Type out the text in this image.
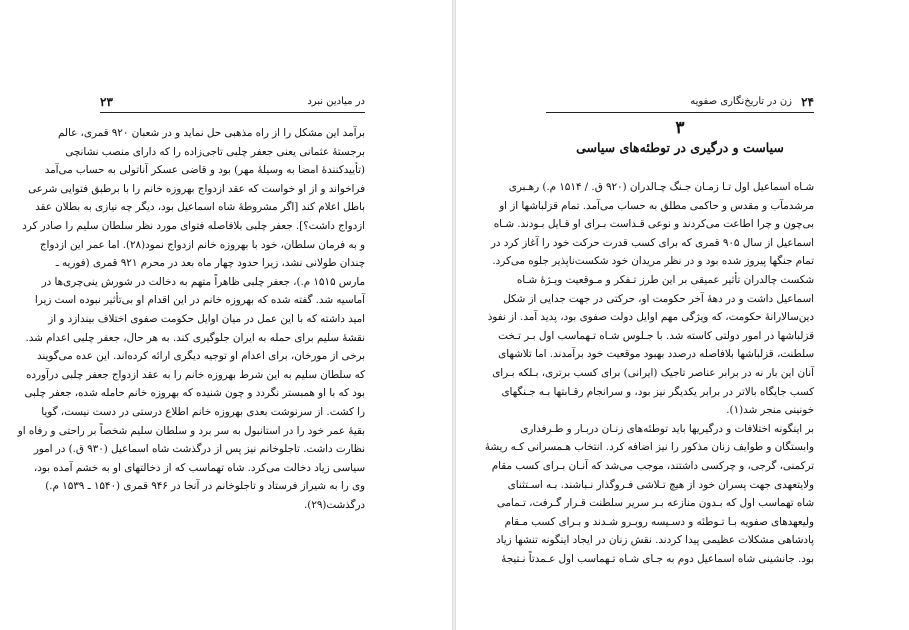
در میادین نبرد
۲۳
برآمد این مشکل را از راه مذهبی حل نماید و در شعبان ۹۲۰ قمری، عالم
برجستهٔ عثمانی یعنی جعفر چلبی تاجی‌زاده را که دارای منصب نشانچی
(تأییدکنندهٔ امضا به وسیلهٔ مهر) بود و قاضی عسکر آناتولی به حساب می‌آمد
فراخواند و از او خواست که عقد ازدواج بهروزه خانم را با برطبق فتوایی شرعی
باطل اعلام کند [اگر مشروطهٔ شاه اسماعیل بود، دیگر چه نیازی به بطلان عقد
ازدواج داشت؟]. جعفر چلبی بلافاصله فتوای مورد نظر سلطان سلیم را صادر کرد
و به فرمان سلطان، خود با بهروزه خانم ازدواج نمود(۲۸). اما عمر این ازدواج
چندان طولانی نشد، زیرا حدود چهار ماه بعد در محرم ۹۲۱ قمری (فوریه ـ
مارس ۱۵۱۵ م.)، جعفر چلبی ظاهراً متهم به دخالت در شورش ینی‌چری‌ها در
آماسیه شد. گفته شده که بهروزه خانم در این اقدام او بی‌تأثیر نبوده است زیرا
امید داشته که با این عمل در میان اوایل حکومت صفوی اختلاف بیندازد و از
نقشهٔ سلیم برای حمله به ایران جلوگیری کند. به هر حال، جعفر چلبی اعدام شد.
برخی از مورخان، برای اعدام او توجیه دیگری ارائه کرده‌اند. این عده می‌گویند
که سلطان سلیم به این شرط بهروزه خانم را به عقد ازدواج جعفر چلبی درآورده
بود که با او همبستر نگردد و چون شنیده که بهروزه خانم حامله شده، جعفر چلبی
را کشت. از سرنوشت بعدی بهروزه خانم اطلاع درستی در دست نیست، گویا
بقیهٔ عمر خود را در استانبول به سر برد و سلطان سلیم شخصاً بر راحتی و رفاه او
نظارت داشت. تاجلوخانم نیز پس از درگذشت شاه اسماعیل (۹۳۰ ق.) در امور
سیاسی زیاد دخالت می‌کرد. شاه تهماسب که از دخالتهای او به خشم آمده بود،
وی را به شیراز فرستاد و تاجلوخانم در آنجا در ۹۴۶ قمری (۱۵۴۰ ـ ۱۵۳۹ م.)
درگذشت(۲۹).
۲۴
زن در تاریخ‌نگاری صفویه
۳
سیاست و درگیری در توطئه‌های سیاسی
شـاه اسماعیل اول تـا زمـان جـنگ چـالدران (۹۲۰ ق. / ۱۵۱۴ م.) رهـبری
مرشدمآب و مقدس و حاکمی مطلق به حساب می‌آمد. تمام قزلباشها از او
بی‌چون و چرا اطاعت می‌کردند و نوعی قـداست بـرای او قـایل بـودند. شـاه
اسماعیل از سال ۹۰۵ قمری که برای کسب قدرت حرکت خود را آغاز کرد در
تمام جنگها پیروز شده بود و در نظر مریدان خود شکست‌ناپذیر جلوه می‌کرد.
شکست چالدران تأثیر عمیقی بر این طرز تـفکر و مـوقعیت ویـژهٔ شـاه
اسماعیل داشت و در دههٔ آخر حکومت او، حرکتی در جهت جدایی از شکل
دین‌سالارانهٔ حکومت، که ویژگی مهم اوایل دولت صفوی بود، پدید آمد. از نفوذ
قزلباشها در امور دولتی کاسته شد. با جـلوس شـاه تـهماسب اول بـر تـخت
سلطنت، قزلباشها بلافاصله درصدد بهبود موقعیت خود برآمدند. اما تلاشهای
آنان این بار نه در برابر عناصر تاجیک (ایرانی) برای کسب برتری، بـلکه بـرای
کسب جایگاه بالاتر در برابر یکدیگر نیز بود، و سرانجام رقـابتها بـه جـنگهای
خونینی منجر شد(۱).
بر اینگونه اختلافات و درگیریها باید توطئه‌های زنـان دربـار و طـرفداری
وابستگان و طوایف زنان مذکور را نیز اضافه کرد. انتخاب هـمسرانی کـه ریشهٔ
ترکمنی، گرجی، و چرکسی داشتند، موجب می‌شد که آنـان بـرای کسب مقام
ولایتعهدی جهت پسران خود از هیچ تـلاشی فـروگذار نـباشند. بـه اسـتثنای
شاه تهماسب اول که بـدون منازعه بـر سریر سلطنت قـرار گـرفت، تـمامی
ولیعهدهای صفویه بـا تـوطئه و دسـیسه روبـرو شـدند و بـرای کسب مـقام
پادشاهی مشکلات عظیمی پیدا کردند. نقش زنان در ایجاد اینگونه تنشها زیاد
بود. جانشینی شاه اسماعیل دوم به جـای شـاه تـهماسب اول عـمدتاً نـتیجهٔ
